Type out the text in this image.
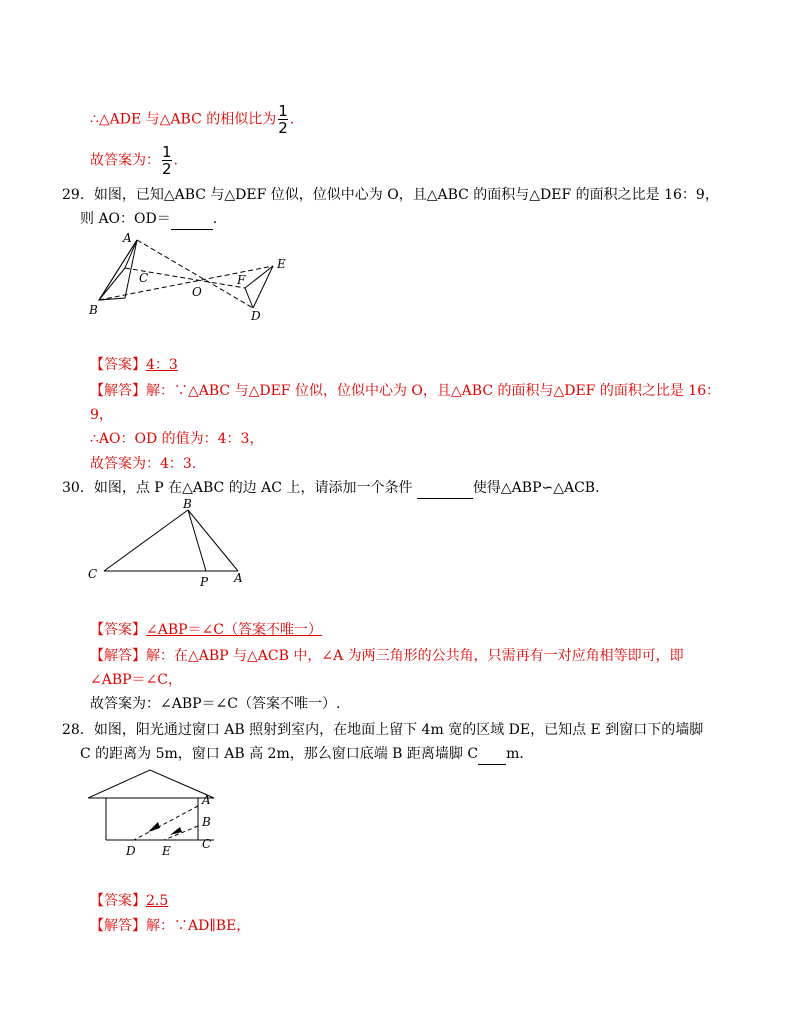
∴△ADE 与△ABC 的相似比为 $\frac{1}{2}$ .
故答案为： $\frac{1}{2}$ .
29．如图，已知△ABC 与△DEF 位似，位似中心为 O，且△ABC 的面积与△DEF 的面积之比是 16：9，
则 AO：OD＝	.
A
B
C
O
F
E
D
【答案】4：3
【解答】解：∵△ABC 与△DEF 位似，位似中心为 O，且△ABC 的面积与△DEF 的面积之比是 16：
9，
∴AO：OD 的值为：4：3，
故答案为：4：3.
30．如图，点 P 在△ABC 的边 AC 上，请添加一个条件	使得△ABP∽△ACB.
B
C
P A
【答案】∠ABP＝∠C（答案不唯一）
【解答】解：在△ABP 与△ACB 中，∠A 为两三角形的公共角，只需再有一对应角相等即可，即
∠ABP＝∠C，
故答案为：∠ABP＝∠C（答案不唯一）.
28．如图，阳光通过窗口 AB 照射到室内，在地面上留下 4m 宽的区域 DE，已知点 E 到窗口下的墙脚
C 的距离为 5m，窗口 AB 高 2m，那么窗口底端 B 距离墙脚 C m．
A
B
C
D E
【答案】2.5
【解答】解：∵AD∥BE，
